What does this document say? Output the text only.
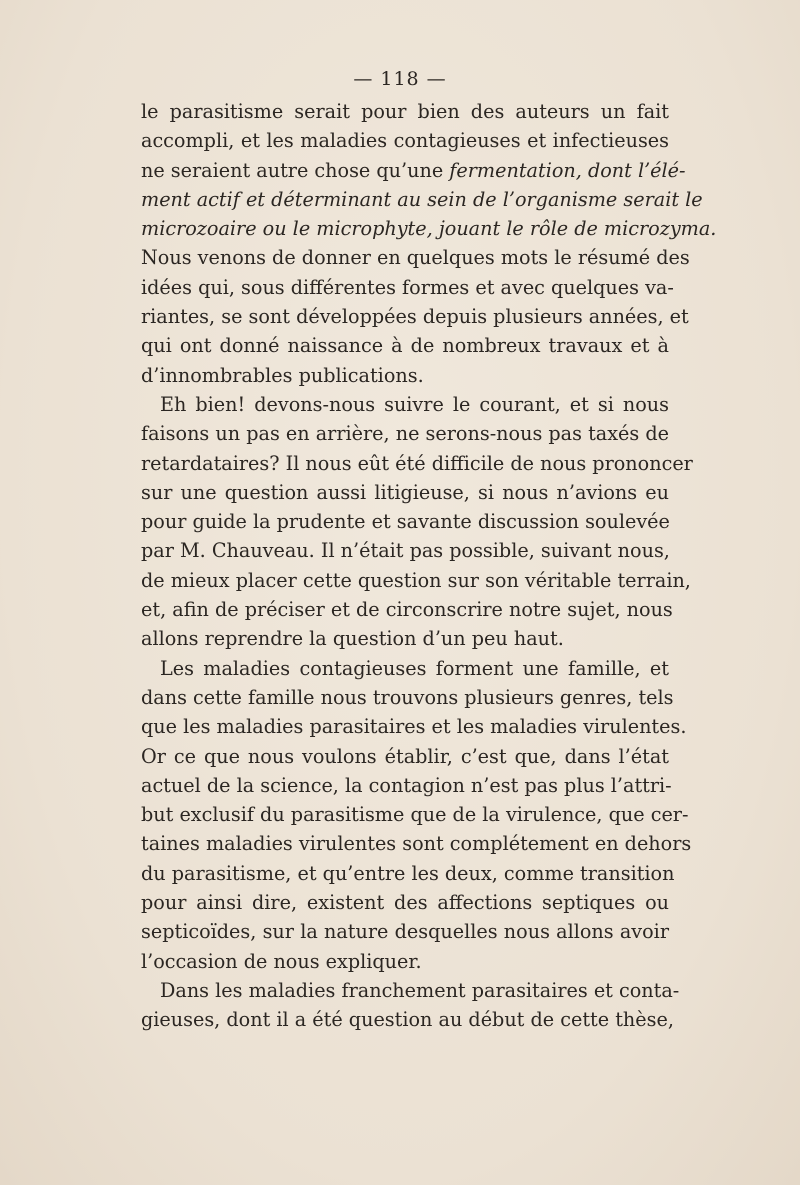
— 118 —
le parasitisme serait pour bien des auteurs un fait
accompli, et les maladies contagieuses et infectieuses
ne seraient autre chose qu’une fermentation, dont l’élé-
ment actif et déterminant au sein de l’organisme serait le
microzoaire ou le microphyte, jouant le rôle de microzyma.
Nous venons de donner en quelques mots le résumé des
idées qui, sous différentes formes et avec quelques va-
riantes, se sont développées depuis plusieurs années, et
qui ont donné naissance à de nombreux travaux et à
d’innombrables publications.
Eh bien! devons-nous suivre le courant, et si nous
faisons un pas en arrière, ne serons-nous pas taxés de
retardataires? Il nous eût été difficile de nous prononcer
sur une question aussi litigieuse, si nous n’avions eu
pour guide la prudente et savante discussion soulevée
par M. Chauveau. Il n’était pas possible, suivant nous,
de mieux placer cette question sur son véritable terrain,
et, afin de préciser et de circonscrire notre sujet, nous
allons reprendre la question d’un peu haut.
Les maladies contagieuses forment une famille, et
dans cette famille nous trouvons plusieurs genres, tels
que les maladies parasitaires et les maladies virulentes.
Or ce que nous voulons établir, c’est que, dans l’état
actuel de la science, la contagion n’est pas plus l’attri-
but exclusif du parasitisme que de la virulence, que cer-
taines maladies virulentes sont complétement en dehors
du parasitisme, et qu’entre les deux, comme transition
pour ainsi dire, existent des affections septiques ou
septicoïdes, sur la nature desquelles nous allons avoir
l’occasion de nous expliquer.
Dans les maladies franchement parasitaires et conta-
gieuses, dont il a été question au début de cette thèse,
